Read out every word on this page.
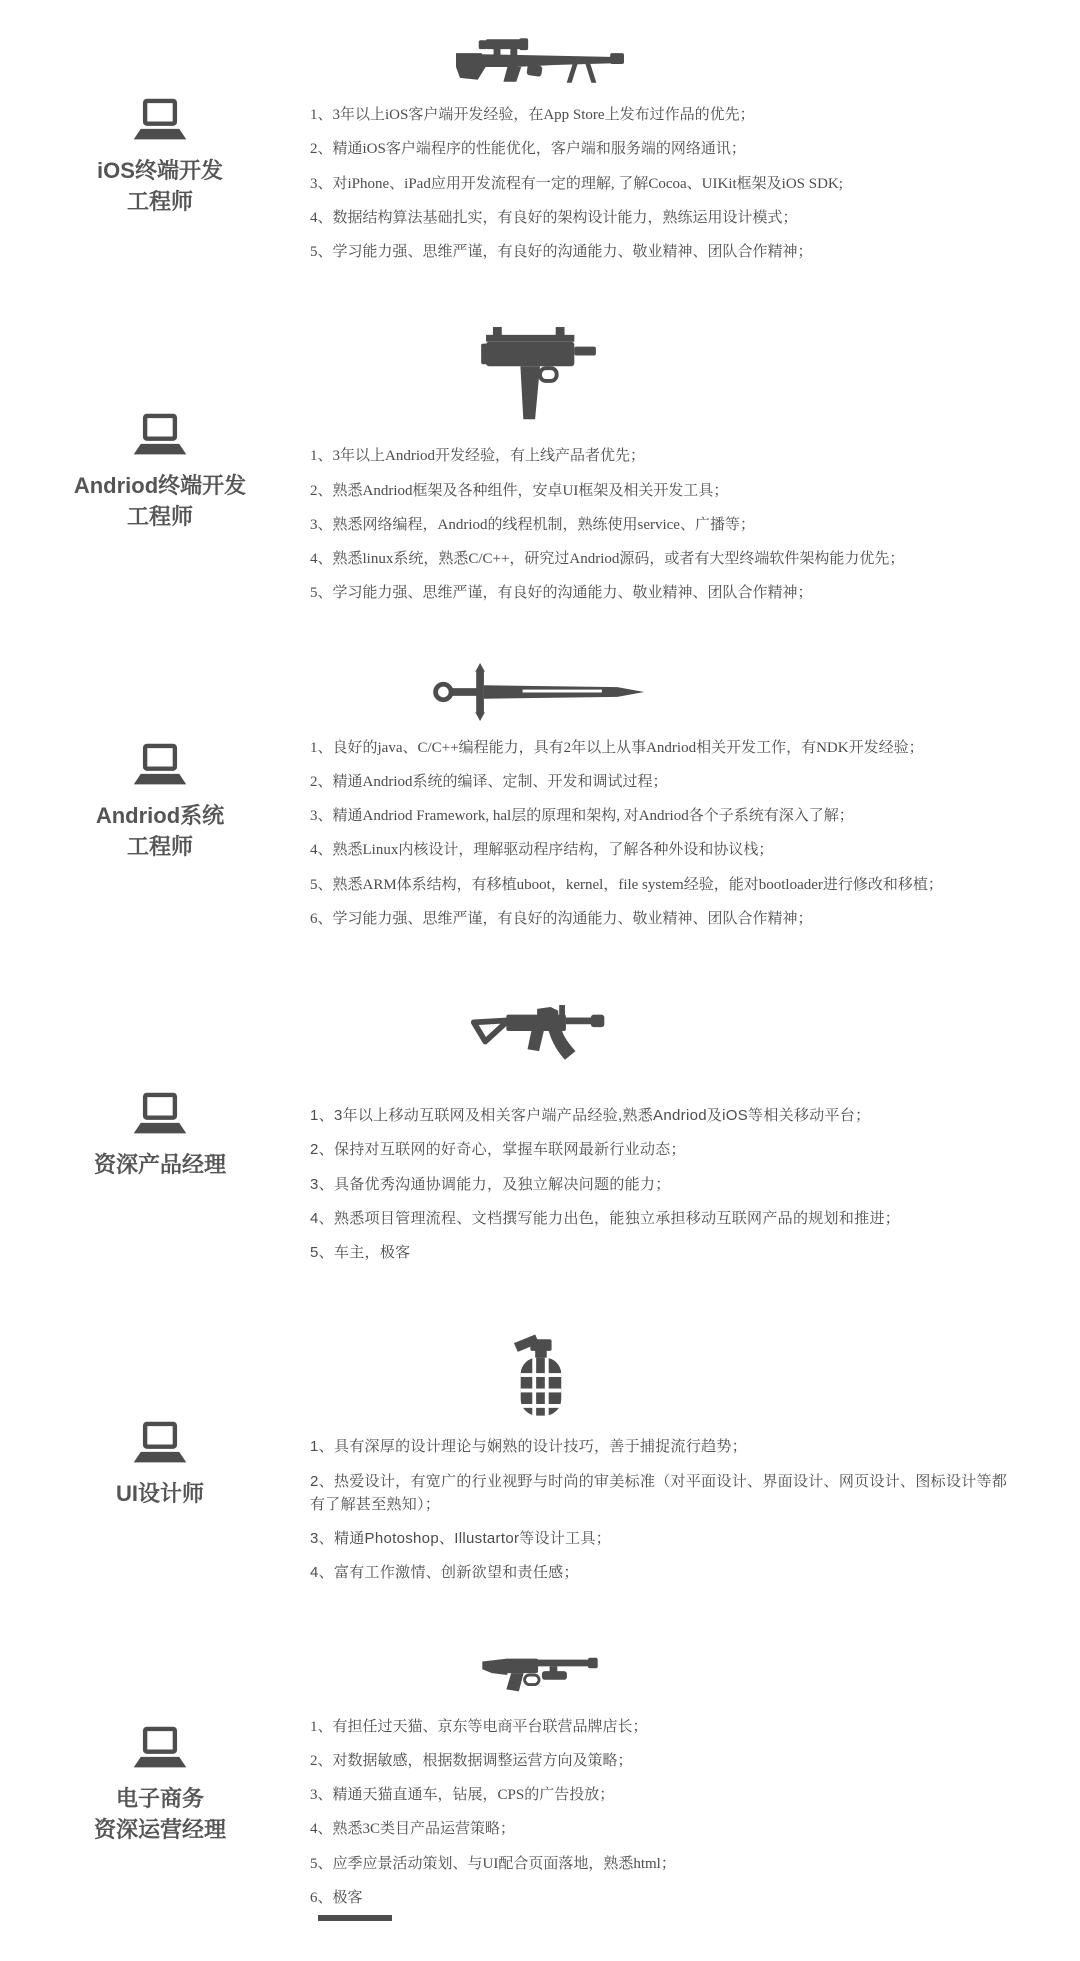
iOS终端开发
工程师
1、3年以上iOS客户端开发经验，在App Store上发布过作品的优先；
2、精通iOS客户端程序的性能优化，客户端和服务端的网络通讯；
3、对iPhone、iPad应用开发流程有一定的理解, 了解Cocoa、UIKit框架及iOS SDK;
4、数据结构算法基础扎实，有良好的架构设计能力，熟练运用设计模式；
5、学习能力强、思维严谨，有良好的沟通能力、敬业精神、团队合作精神；
Andriod终端开发
工程师
1、3年以上Andriod开发经验，有上线产品者优先；
2、熟悉Andriod框架及各种组件，安卓UI框架及相关开发工具；
3、熟悉网络编程，Andriod的线程机制，熟练使用service、广播等；
4、熟悉linux系统，熟悉C/C++，研究过Andriod源码，或者有大型终端软件架构能力优先；
5、学习能力强、思维严谨，有良好的沟通能力、敬业精神、团队合作精神；
Andriod系统
工程师
1、良好的java、C/C++编程能力，具有2年以上从事Andriod相关开发工作，有NDK开发经验；
2、精通Andriod系统的编译、定制、开发和调试过程；
3、精通Andriod Framework, hal层的原理和架构, 对Andriod各个子系统有深入了解；
4、熟悉Linux内核设计，理解驱动程序结构，了解各种外设和协议栈；
5、熟悉ARM体系结构，有移植uboot，kernel，file system经验，能对bootloader进行修改和移植；
6、学习能力强、思维严谨，有良好的沟通能力、敬业精神、团队合作精神；
资深产品经理
1、3年以上移动互联网及相关客户端产品经验,熟悉Andriod及iOS等相关移动平台；
2、保持对互联网的好奇心，掌握车联网最新行业动态；
3、具备优秀沟通协调能力，及独立解决问题的能力；
4、熟悉项目管理流程、文档撰写能力出色，能独立承担移动互联网产品的规划和推进；
5、车主，极客
UI设计师
1、具有深厚的设计理论与娴熟的设计技巧，善于捕捉流行趋势；
2、热爱设计，有宽广的行业视野与时尚的审美标准（对平面设计、界面设计、网页设计、图标设计等都有了解甚至熟知）；
3、精通Photoshop、Illustartor等设计工具；
4、富有工作激情、创新欲望和责任感；
电子商务
资深运营经理
1、有担任过天猫、京东等电商平台联营品牌店长；
2、对数据敏感，根据数据调整运营方向及策略；
3、精通天猫直通车，钻展，CPS的广告投放；
4、熟悉3C类目产品运营策略；
5、应季应景活动策划、与UI配合页面落地，熟悉html；
6、极客
